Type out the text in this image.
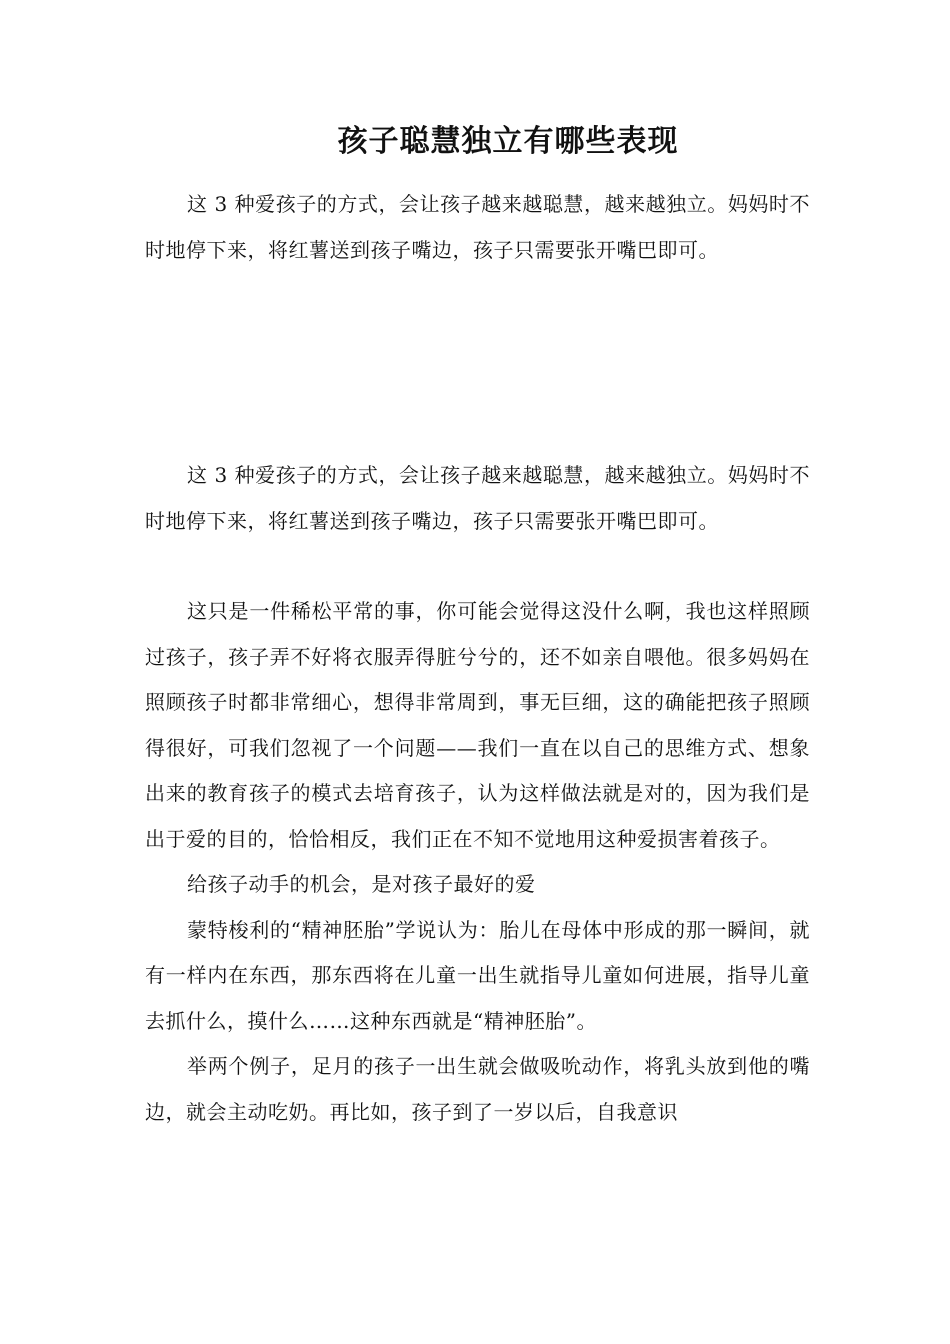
孩子聪慧独立有哪些表现

这 3 种爱孩子的方式，会让孩子越来越聪慧，越来越独立。妈妈时不时地停下来，将红薯送到孩子嘴边，孩子只需要张开嘴巴即可。

这 3 种爱孩子的方式，会让孩子越来越聪慧，越来越独立。妈妈时不时地停下来，将红薯送到孩子嘴边，孩子只需要张开嘴巴即可。

这只是一件稀松平常的事，你可能会觉得这没什么啊，我也这样照顾过孩子，孩子弄不好将衣服弄得脏兮兮的，还不如亲自喂他。很多妈妈在照顾孩子时都非常细心，想得非常周到，事无巨细，这的确能把孩子照顾得很好，可我们忽视了一个问题——我们一直在以自己的思维方式、想象出来的教育孩子的模式去培育孩子，认为这样做法就是对的，因为我们是出于爱的目的，恰恰相反，我们正在不知不觉地用这种爱损害着孩子。

给孩子动手的机会，是对孩子最好的爱

蒙特梭利的“精神胚胎”学说认为：胎儿在母体中形成的那一瞬间，就有一样内在东西，那东西将在儿童一出生就指导儿童如何进展，指导儿童去抓什么，摸什么……这种东西就是“精神胚胎”。

举两个例子，足月的孩子一出生就会做吸吮动作，将乳头放到他的嘴边，就会主动吃奶。再比如，孩子到了一岁以后，自我意识
